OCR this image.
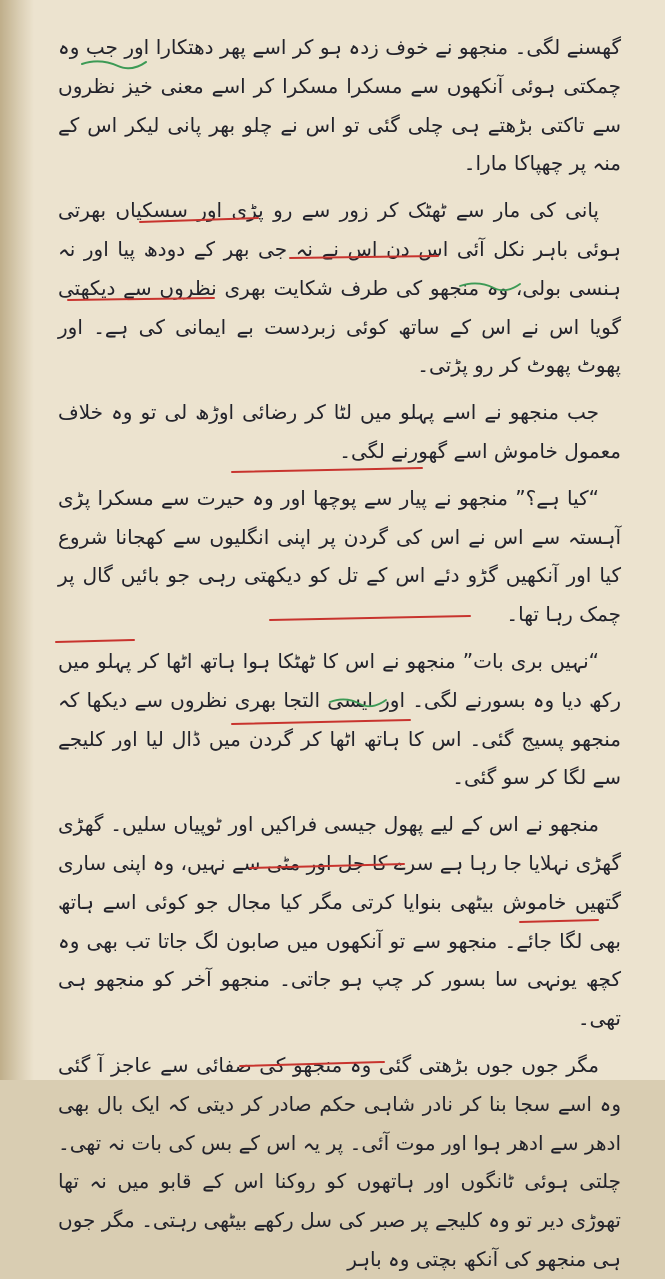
گھسنے لگی۔ منجھو نے خوف زدہ ہو کر اسے پھر دھتکارا اور جب وہ چمکتی ہوئی آنکھوں سے مسکرا مسکرا کر اسے معنی خیز نظروں سے تاکتی بڑھتے ہی چلی گئی تو اس نے چلو بھر پانی لیکر اس کے منہ پر چھپاکا مارا۔

پانی کی مار سے ٹھٹک کر زور سے رو پڑی اور سسکیاں بھرتی ہوئی باہر نکل آئی اس دن اس نے نہ جی بھر کے دودھ پیا اور نہ ہنسی بولی، وہ منجھو کی طرف شکایت بھری نظروں سے دیکھتی گویا اس نے اس کے ساتھ کوئی زبردست بے ایمانی کی ہے۔ اور پھوٹ پھوٹ کر رو پڑتی۔

جب منجھو نے اسے پہلو میں لٹا کر رضائی اوڑھ لی تو وہ خلاف معمول خاموش اسے گھورنے لگی۔

“کیا ہے؟” منجھو نے پیار سے پوچھا اور وہ حیرت سے مسکرا پڑی آہستہ سے اس نے اس کی گردن پر اپنی انگلیوں سے کھجانا شروع کیا اور آنکھیں گڑو دئے اس کے تل کو دیکھتی رہی جو بائیں گال پر چمک رہا تھا۔

“نہیں بری بات” منجھو نے اس کا ٹھٹکا ہوا ہاتھ اٹھا کر پہلو میں رکھ دیا وہ بسورنے لگی۔ اور ایسی التجا بھری نظروں سے دیکھا کہ منجھو پسیج گئی۔ اس کا ہاتھ اٹھا کر گردن میں ڈال لیا اور کلیجے سے لگا کر سو گئی۔

منجھو نے اس کے لیے پھول جیسی فراکیں اور ٹوپیاں سلیں۔ گھڑی گھڑی نہلایا جا رہا ہے سرے کا جل اور مٹی سے نہیں، وہ اپنی ساری گتھیں خاموش بیٹھی بنوایا کرتی مگر کیا مجال جو کوئی اسے ہاتھ بھی لگا جائے۔ منجھو سے تو آنکھوں میں صابون لگ جاتا تب بھی وہ کچھ یونہی سا بسور کر چپ ہو جاتی۔ منجھو آخر کو منجھو ہی تھی۔

مگر جوں جوں بڑھتی گئی وہ منجھو کی صفائی سے عاجز آ گئی وہ اسے سجا بنا کر نادر شاہی حکم صادر کر دیتی کہ ایک بال بھی ادھر سے ادھر ہوا اور موت آئی۔ پر یہ اس کے بس کی بات نہ تھی۔ چلتی ہوئی ٹانگوں اور ہاتھوں کو روکنا اس کے قابو میں نہ تھا تھوڑی دیر تو وہ کلیجے پر صبر کی سل رکھے بیٹھی رہتی۔ مگر جوں ہی منجھو کی آنکھ بچتی وہ باہر
